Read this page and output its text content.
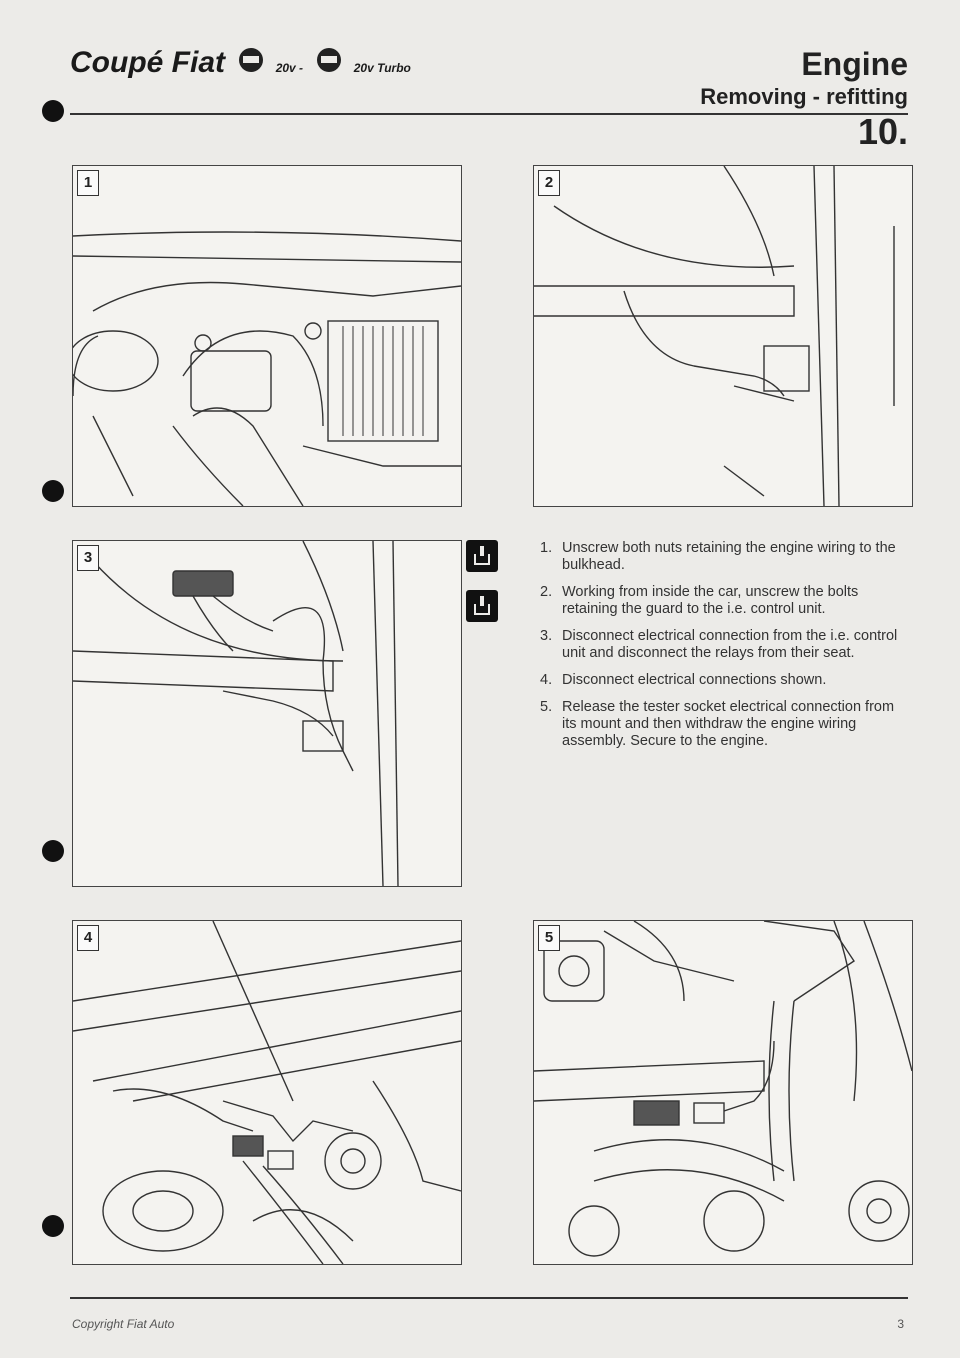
Coupé Fiat	20v -	20v Turbo	Engine
Removing - refitting
10.
1	2
3
1. Unscrew both nuts retaining the engine wiring to the bulkhead.
2. Working from inside the car, unscrew the bolts retaining the guard to the i.e. control unit.
3. Disconnect electrical connection from the i.e. control unit and disconnect the relays from their seat.
4. Disconnect electrical connections shown.
5. Release the tester socket electrical connection from its mount and then withdraw the engine wiring assembly. Secure to the engine.
4	5
Copyright Fiat Auto	3
